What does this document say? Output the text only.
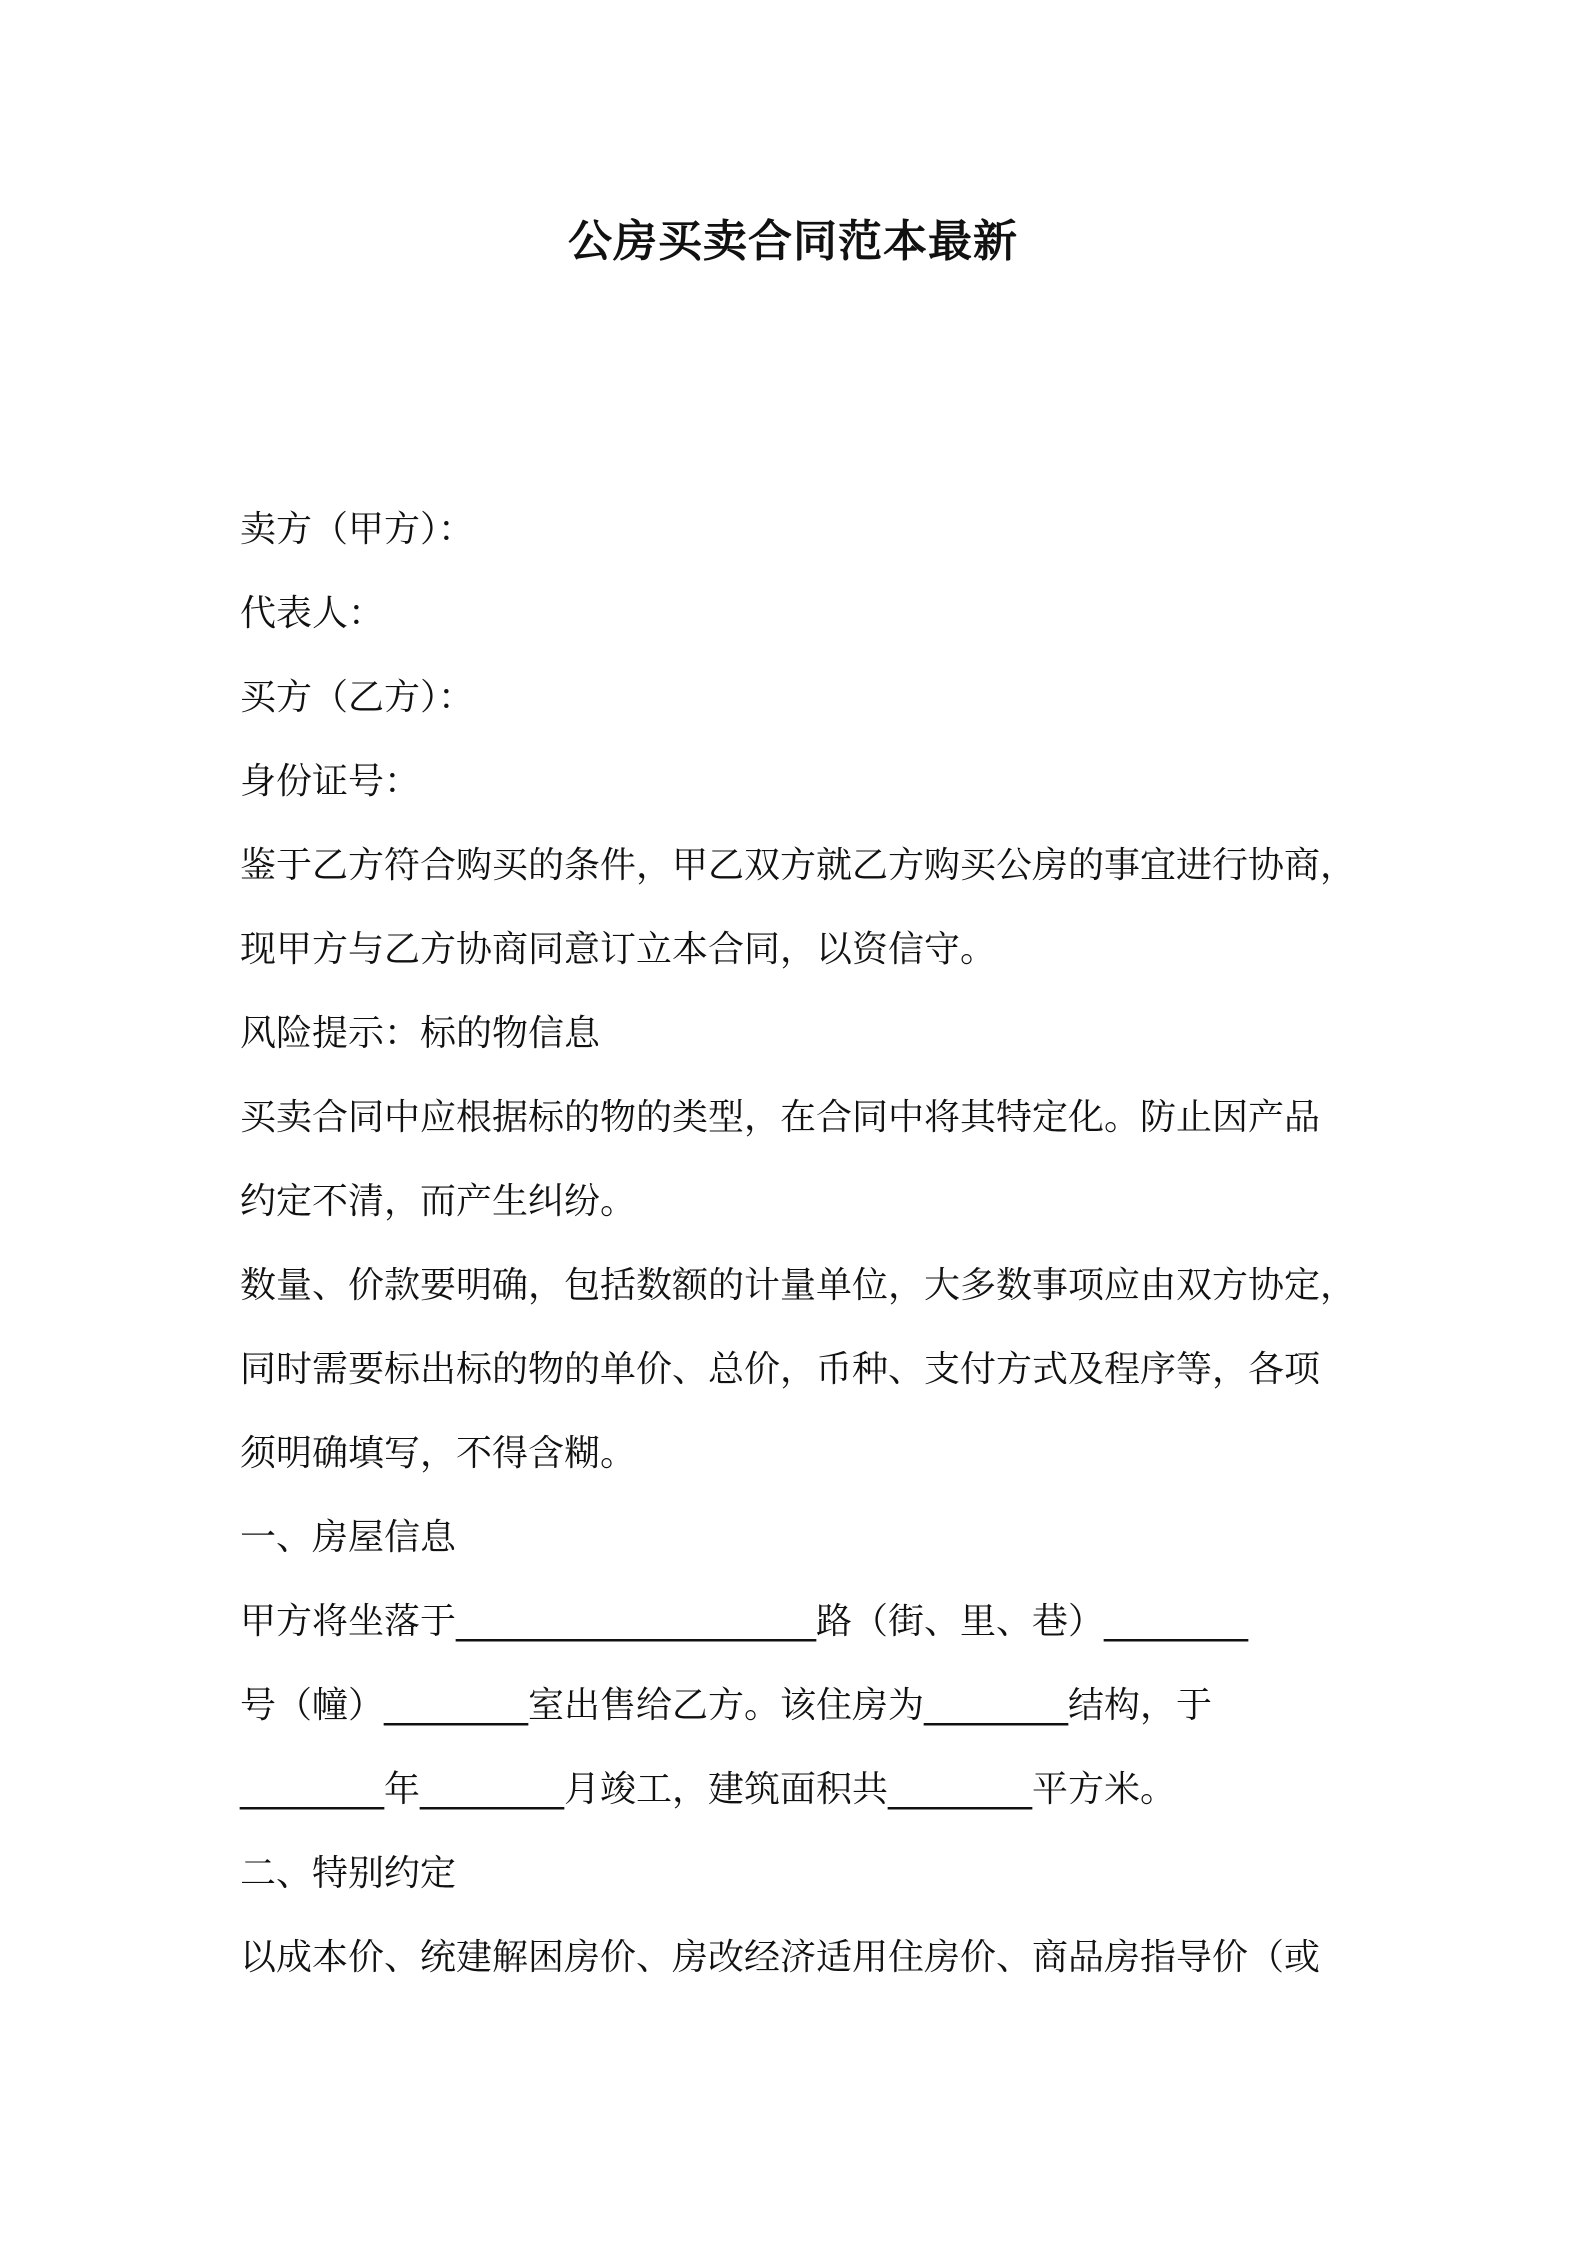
公房买卖合同范本最新
卖方（甲方）：
代表人：
买方（乙方）：
身份证号：
鉴于乙方符合购买的条件，甲乙双方就乙方购买公房的事宜进行协商，
现甲方与乙方协商同意订立本合同，以资信守。
风险提示：标的物信息
买卖合同中应根据标的物的类型，在合同中将其特定化。防止因产品
约定不清，而产生纠纷。
数量、价款要明确，包括数额的计量单位，大多数事项应由双方协定，
同时需要标出标的物的单价、总价，币种、支付方式及程序等，各项
须明确填写，不得含糊。
一、房屋信息
甲方将坐落于____________________路（街、里、巷）________
号（幢）________室出售给乙方。该住房为________结构，于
________年________月竣工，建筑面积共________平方米。
二、特别约定
以成本价、统建解困房价、房改经济适用住房价、商品房指导价（或
